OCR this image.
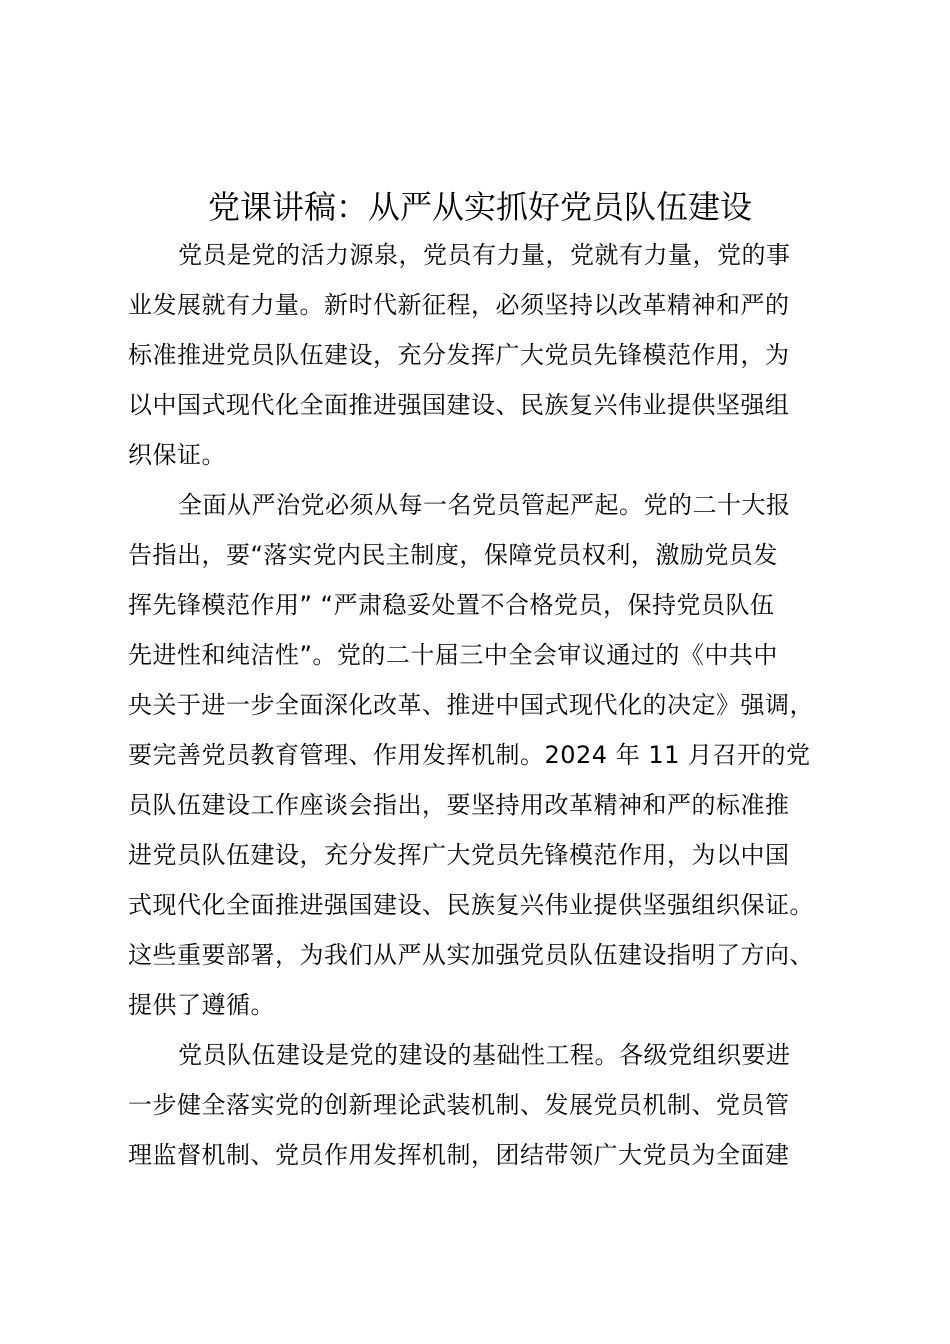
党课讲稿：从严从实抓好党员队伍建设
党员是党的活力源泉，党员有力量，党就有力量，党的事
业发展就有力量。新时代新征程，必须坚持以改革精神和严的
标准推进党员队伍建设，充分发挥广大党员先锋模范作用，为
以中国式现代化全面推进强国建设、民族复兴伟业提供坚强组
织保证。
全面从严治党必须从每一名党员管起严起。党的二十大报
告指出，要“落实党内民主制度，保障党员权利，激励党员发
挥先锋模范作用” “严肃稳妥处置不合格党员，保持党员队伍
先进性和纯洁性”。党的二十届三中全会审议通过的《中共中
央关于进一步全面深化改革、推进中国式现代化的决定》强调，
要完善党员教育管理、作用发挥机制。2024 年 11 月召开的党
员队伍建设工作座谈会指出，要坚持用改革精神和严的标准推
进党员队伍建设，充分发挥广大党员先锋模范作用，为以中国
式现代化全面推进强国建设、民族复兴伟业提供坚强组织保证。
这些重要部署，为我们从严从实加强党员队伍建设指明了方向、
提供了遵循。
党员队伍建设是党的建设的基础性工程。各级党组织要进
一步健全落实党的创新理论武装机制、发展党员机制、党员管
理监督机制、党员作用发挥机制，团结带领广大党员为全面建
